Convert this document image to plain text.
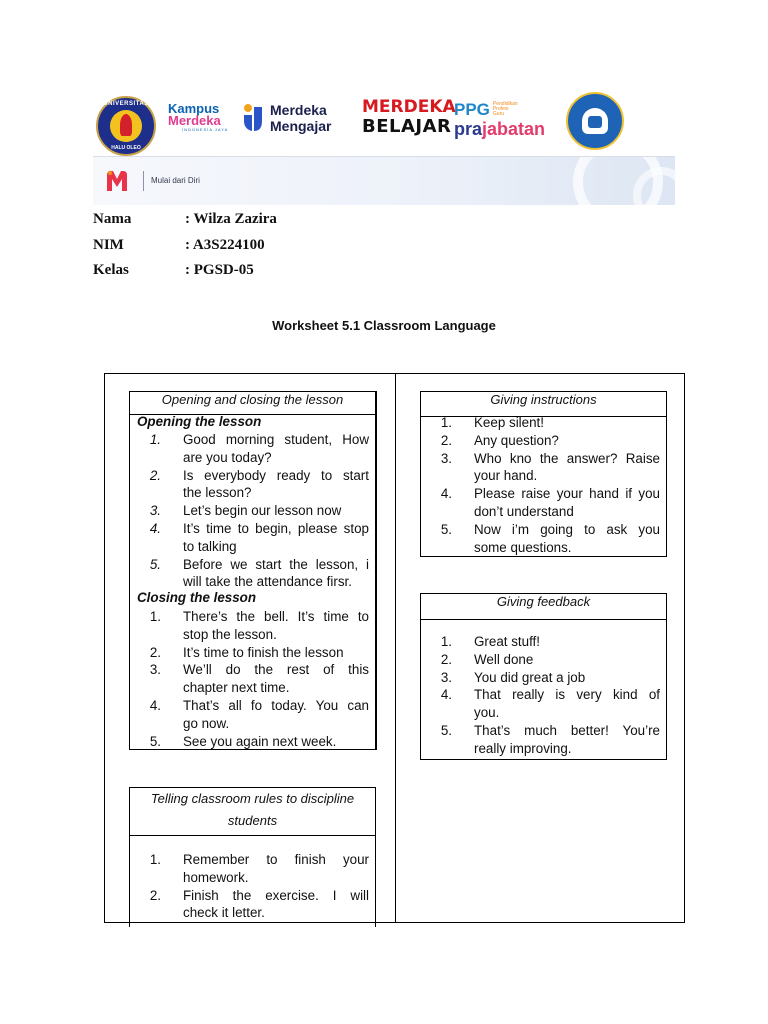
UNIVERSITAS
HALU OLEO
Kampus
Merdeka
INDONESIA JAYA
Merdeka
Mengajar
MERDEKA
BELAJAR
PPG Pendidikan Profesi Guru
prajabatan
Mulai dari Diri
Nama	: Wilza Zazira
NIM	: A3S224100
Kelas	: PGSD-05
Worksheet 5.1 Classroom Language
Opening and closing the lesson
Opening the lesson
1. Good morning student, How
are you today?
2. Is everybody ready to start
the lesson?
3. Let’s begin our lesson now
4. It’s time to begin, please stop
to talking
5. Before we start the lesson, i
will take the attendance firsr.
Closing the lesson
1. There’s the bell. It’s time to
stop the lesson.
2. It’s time to finish the lesson
3. We’ll do the rest of this
chapter next time.
4. That’s all fo today. You can
go now.
5. See you again next week.
Telling classroom rules to discipline
students
1. Remember to finish your
homework.
2. Finish the exercise. I will
check it letter.
Giving instructions
1. Keep silent!
2. Any question?
3. Who kno the answer? Raise
your hand.
4. Please raise your hand if you
don’t understand
5. Now i’m going to ask you
some questions.
Giving feedback
1. Great stuff!
2. Well done
3. You did great a job
4. That really is very kind of
you.
5. That’s much better! You’re
really improving.
